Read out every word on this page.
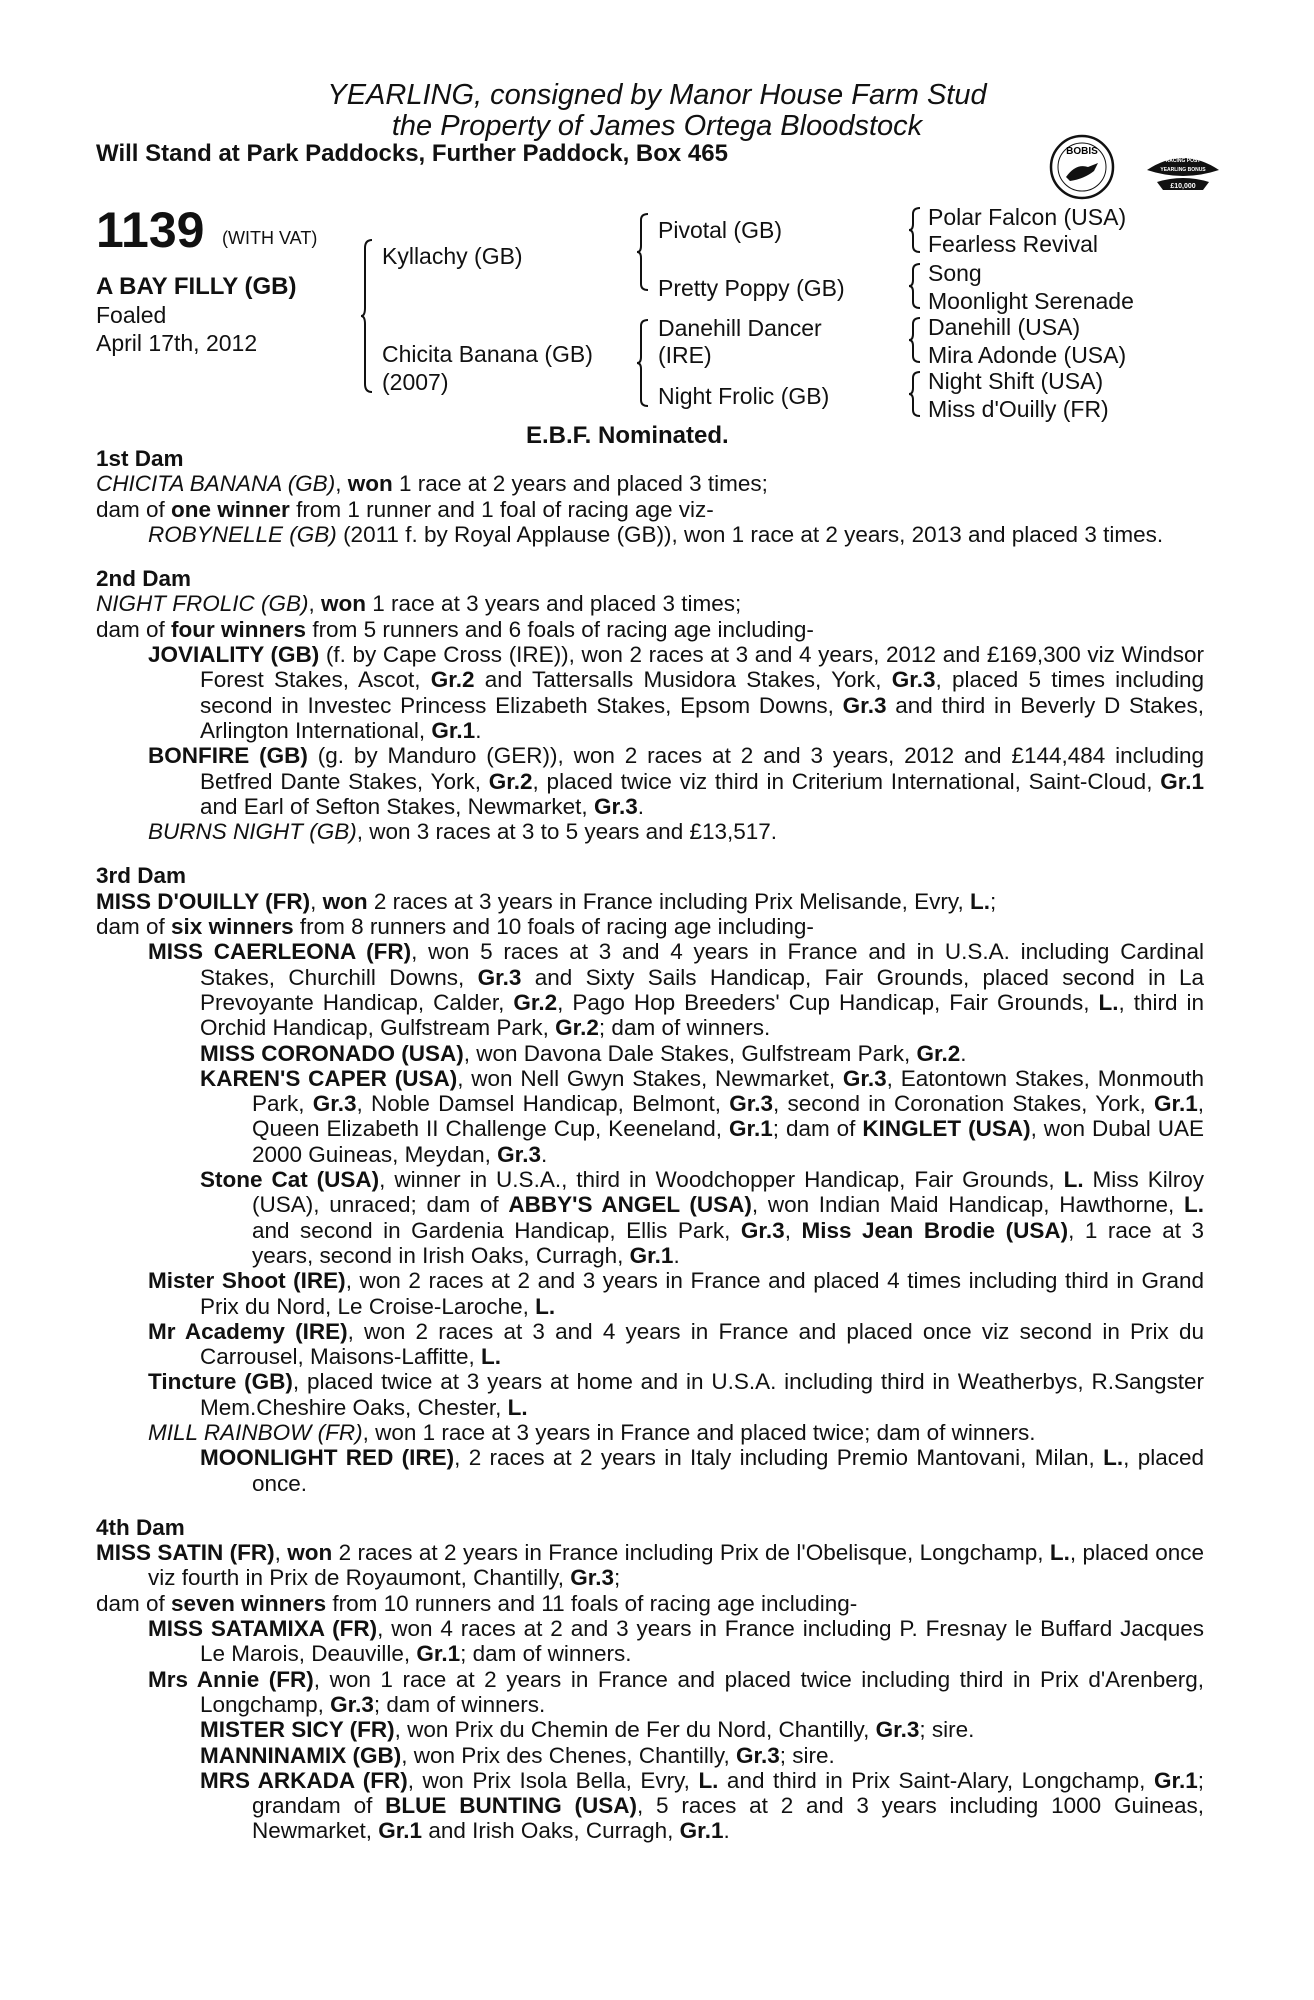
YEARLING, consigned by Manor House Farm Stud
the Property of James Ortega Bloodstock
Will Stand at Park Paddocks, Further Paddock, Box 465	BOBIS
RACING POST
YEARLING BONUS
£10,000
1139 (WITH VAT)
A BAY FILLY (GB)
Foaled
April 17th, 2012
Kyllachy (GB)
Chicita Banana (GB)
(2007)
Pivotal (GB)
Pretty Poppy (GB)
Danehill Dancer
(IRE)
Night Frolic (GB)
Polar Falcon (USA)
Fearless Revival
Song
Moonlight Serenade
Danehill (USA)
Mira Adonde (USA)
Night Shift (USA)
Miss d'Ouilly (FR)
E.B.F. Nominated.

1st Dam

CHICITA BANANA (GB), won 1 race at 2 years and placed 3 times;

dam of one winner from 1 runner and 1 foal of racing age viz-

ROBYNELLE (GB) (2011 f. by Royal Applause (GB)), won 1 race at 2 years, 2013 and placed 3 times.

2nd Dam

NIGHT FROLIC (GB), won 1 race at 3 years and placed 3 times;

dam of four winners from 5 runners and 6 foals of racing age including-

JOVIALITY (GB) (f. by Cape Cross (IRE)), won 2 races at 3 and 4 years, 2012 and £169,300 viz Windsor Forest Stakes, Ascot, Gr.2 and Tattersalls Musidora Stakes, York, Gr.3, placed 5 times including second in Investec Princess Elizabeth Stakes, Epsom Downs, Gr.3 and third in Beverly D Stakes, Arlington International, Gr.1.

BONFIRE (GB) (g. by Manduro (GER)), won 2 races at 2 and 3 years, 2012 and £144,484 including Betfred Dante Stakes, York, Gr.2, placed twice viz third in Criterium International, Saint-Cloud, Gr.1 and Earl of Sefton Stakes, Newmarket, Gr.3.

BURNS NIGHT (GB), won 3 races at 3 to 5 years and £13,517.

3rd Dam

MISS D'OUILLY (FR), won 2 races at 3 years in France including Prix Melisande, Evry, L.;

dam of six winners from 8 runners and 10 foals of racing age including-

MISS CAERLEONA (FR), won 5 races at 3 and 4 years in France and in U.S.A. including Cardinal Stakes, Churchill Downs, Gr.3 and Sixty Sails Handicap, Fair Grounds, placed second in La Prevoyante Handicap, Calder, Gr.2, Pago Hop Breeders' Cup Handicap, Fair Grounds, L., third in Orchid Handicap, Gulfstream Park, Gr.2; dam of winners.

MISS CORONADO (USA), won Davona Dale Stakes, Gulfstream Park, Gr.2.

KAREN'S CAPER (USA), won Nell Gwyn Stakes, Newmarket, Gr.3, Eatontown Stakes, Monmouth Park, Gr.3, Noble Damsel Handicap, Belmont, Gr.3, second in Coronation Stakes, York, Gr.1, Queen Elizabeth II Challenge Cup, Keeneland, Gr.1; dam of KINGLET (USA), won Dubal UAE 2000 Guineas, Meydan, Gr.3.

Stone Cat (USA), winner in U.S.A., third in Woodchopper Handicap, Fair Grounds, L. Miss Kilroy (USA), unraced; dam of ABBY'S ANGEL (USA), won Indian Maid Handicap, Hawthorne, L. and second in Gardenia Handicap, Ellis Park, Gr.3, Miss Jean Brodie (USA), 1 race at 3 years, second in Irish Oaks, Curragh, Gr.1.

Mister Shoot (IRE), won 2 races at 2 and 3 years in France and placed 4 times including third in Grand Prix du Nord, Le Croise-Laroche, L.

Mr Academy (IRE), won 2 races at 3 and 4 years in France and placed once viz second in Prix du Carrousel, Maisons-Laffitte, L.

Tincture (GB), placed twice at 3 years at home and in U.S.A. including third in Weatherbys, R.Sangster Mem.Cheshire Oaks, Chester, L.

MILL RAINBOW (FR), won 1 race at 3 years in France and placed twice; dam of winners.

MOONLIGHT RED (IRE), 2 races at 2 years in Italy including Premio Mantovani, Milan, L., placed once.

4th Dam

MISS SATIN (FR), won 2 races at 2 years in France including Prix de l'Obelisque, Longchamp, L., placed once viz fourth in Prix de Royaumont, Chantilly, Gr.3;

dam of seven winners from 10 runners and 11 foals of racing age including-

MISS SATAMIXA (FR), won 4 races at 2 and 3 years in France including P. Fresnay le Buffard Jacques Le Marois, Deauville, Gr.1; dam of winners.

Mrs Annie (FR), won 1 race at 2 years in France and placed twice including third in Prix d'Arenberg, Longchamp, Gr.3; dam of winners.

MISTER SICY (FR), won Prix du Chemin de Fer du Nord, Chantilly, Gr.3; sire.

MANNINAMIX (GB), won Prix des Chenes, Chantilly, Gr.3; sire.

MRS ARKADA (FR), won Prix Isola Bella, Evry, L. and third in Prix Saint-Alary, Longchamp, Gr.1; grandam of BLUE BUNTING (USA), 5 races at 2 and 3 years including 1000 Guineas, Newmarket, Gr.1 and Irish Oaks, Curragh, Gr.1.
